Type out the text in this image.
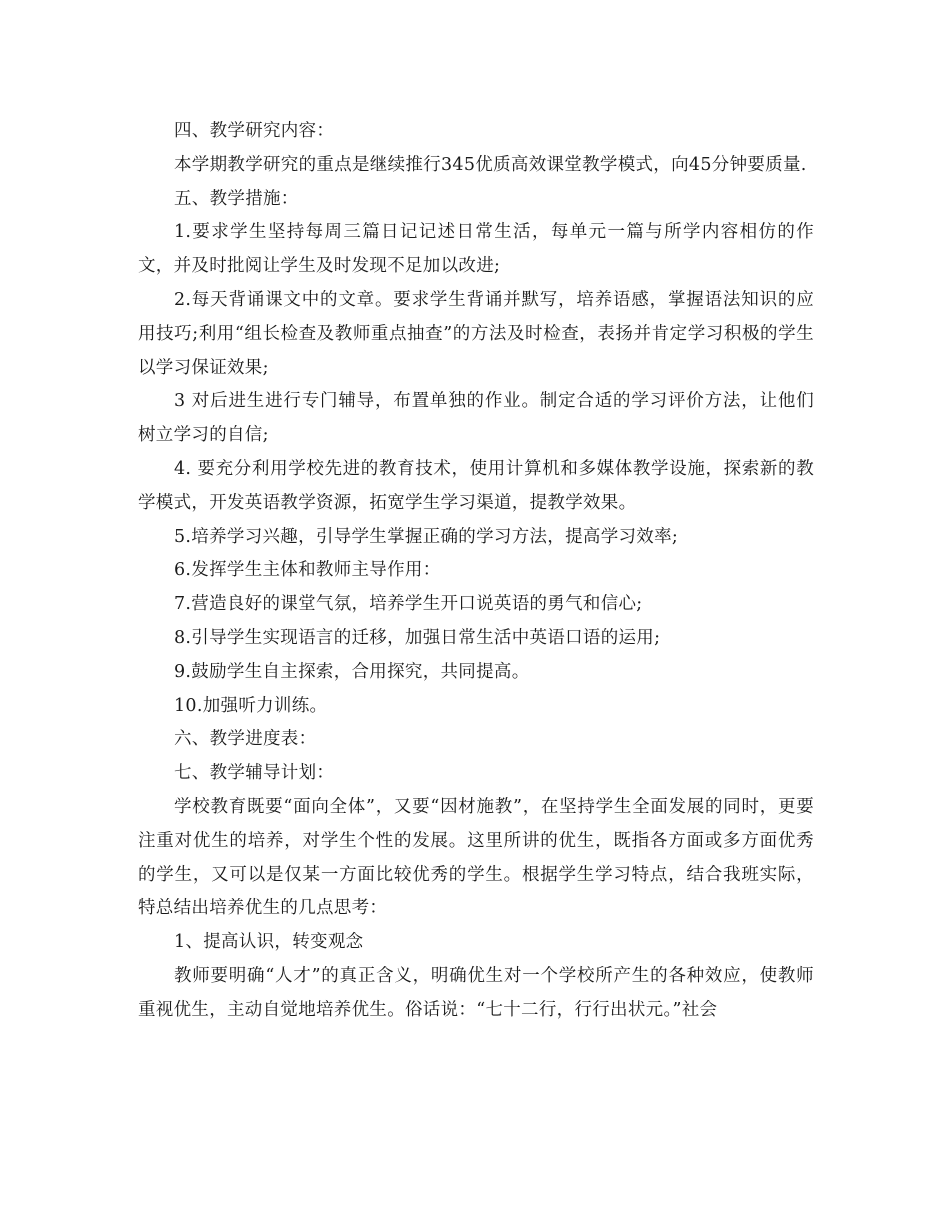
四、教学研究内容：

本学期教学研究的重点是继续推行345优质高效课堂教学模式，向45分钟要质量.

五、教学措施：

1.要求学生坚持每周三篇日记记述日常生活，每单元一篇与所学内容相仿的作文，并及时批阅让学生及时发现不足加以改进;

2.每天背诵课文中的文章。要求学生背诵并默写，培养语感，掌握语法知识的应用技巧;利用“组长检查及教师重点抽查”的方法及时检查，表扬并肯定学习积极的学生以学习保证效果;

3 对后进生进行专门辅导，布置单独的作业。制定合适的学习评价方法，让他们树立学习的自信;

4. 要充分利用学校先进的教育技术，使用计算机和多媒体教学设施，探索新的教学模式，开发英语教学资源，拓宽学生学习渠道，提教学效果。

5.培养学习兴趣，引导学生掌握正确的学习方法，提高学习效率;

6.发挥学生主体和教师主导作用：

7.营造良好的课堂气氛，培养学生开口说英语的勇气和信心;

8.引导学生实现语言的迁移，加强日常生活中英语口语的运用;

9.鼓励学生自主探索，合用探究，共同提高。

10.加强听力训练。

六、教学进度表：

七、教学辅导计划：

学校教育既要“面向全体”，又要“因材施教”，在坚持学生全面发展的同时，更要注重对优生的培养，对学生个性的发展。这里所讲的优生，既指各方面或多方面优秀的学生，又可以是仅某一方面比较优秀的学生。根据学生学习特点，结合我班实际，特总结出培养优生的几点思考：

1、提高认识，转变观念

教师要明确“人才”的真正含义，明确优生对一个学校所产生的各种效应，使教师重视优生，主动自觉地培养优生。俗话说：“七十二行，行行出状元。”社会
